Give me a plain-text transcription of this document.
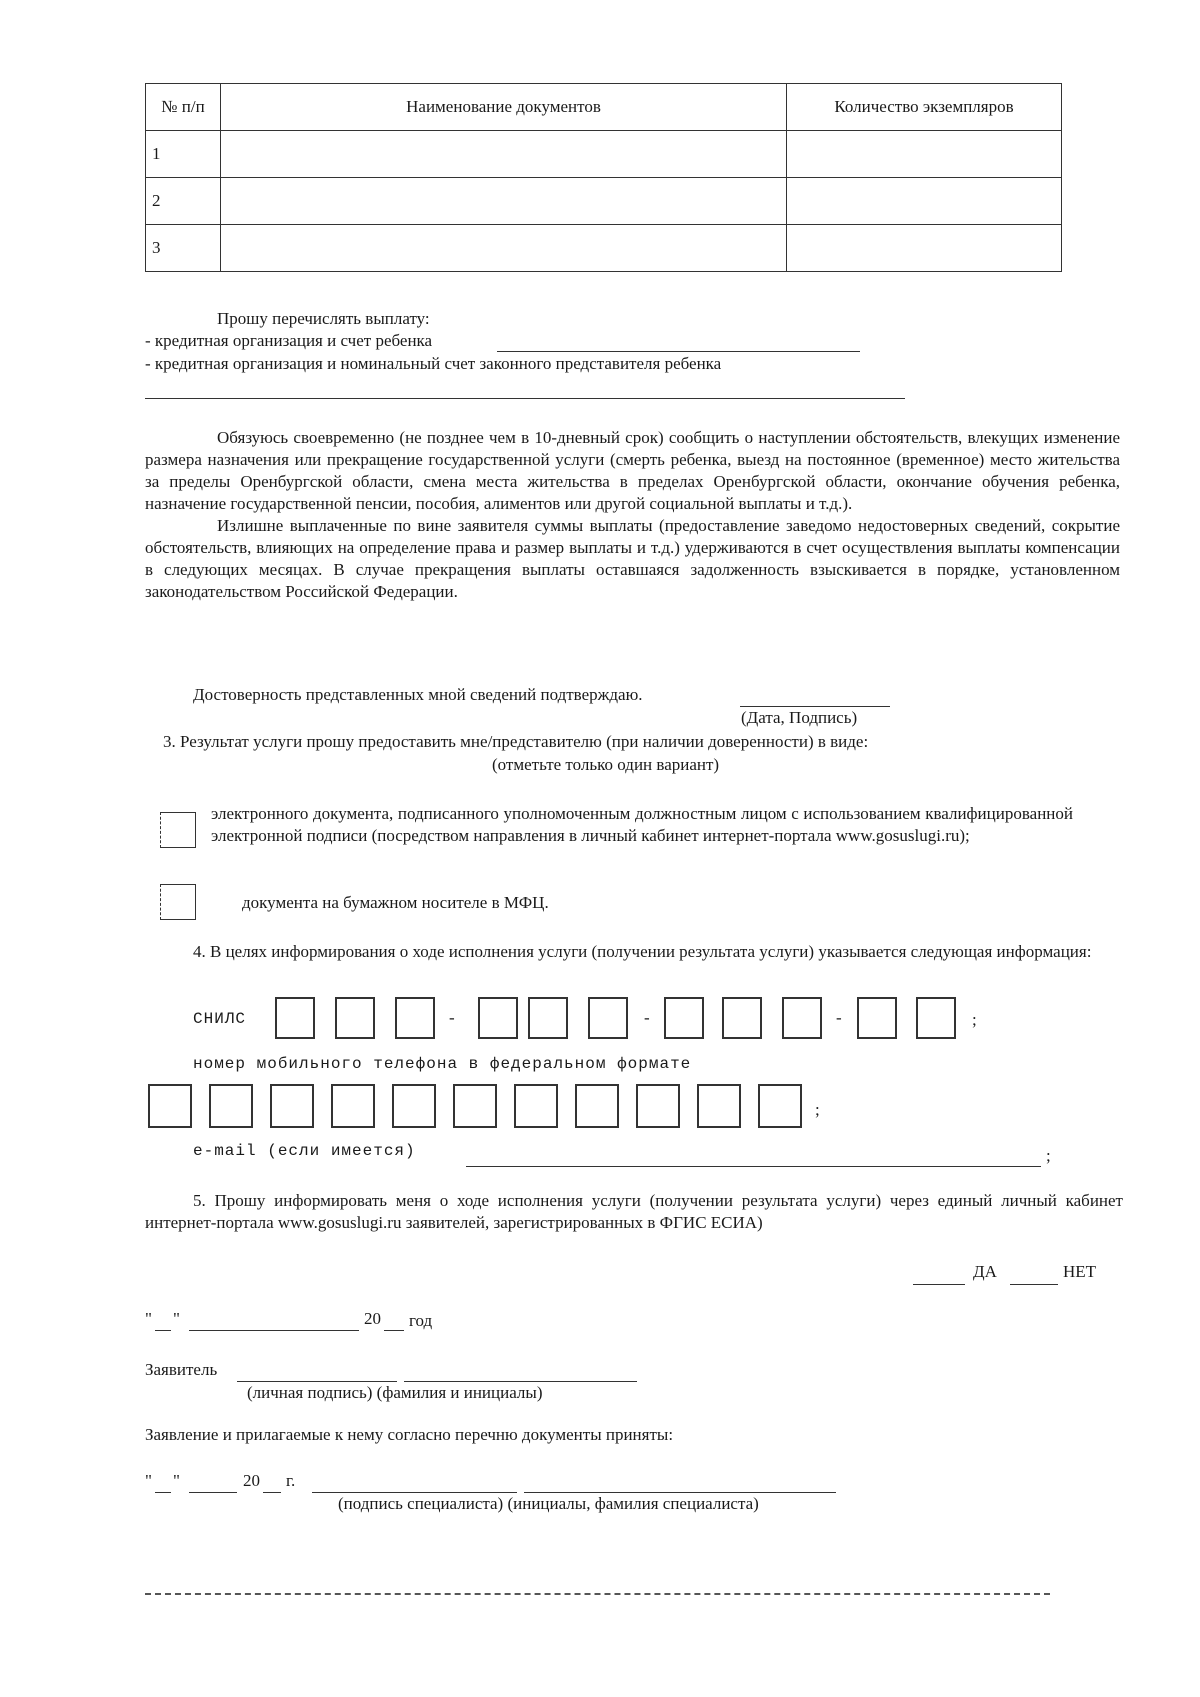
№ п/п	Наименование документов	Количество экземпляров
1		
2		
3		
Прошу перечислять выплату:
- кредитная организация и счет ребенка
- кредитная организация и номинальный счет законного представителя ребенка

Обязуюсь своевременно (не позднее чем в 10-дневный срок) сообщить о наступлении обстоятельств, влекущих изменение размера назначения или прекращение государственной услуги (смерть ребенка, выезд на постоянное (временное) место жительства за пределы Оренбургской области, смена места жительства в пределах Оренбургской области, окончание обучения ребенка, назначение государственной пенсии, пособия, алиментов или другой социальной выплаты и т.д.).

Излишне выплаченные по вине заявителя суммы выплаты (предоставление заведомо недостоверных сведений, сокрытие обстоятельств, влияющих на определение права и размер выплаты и т.д.) удерживаются в счет осуществления выплаты компенсации в следующих месяцах. В случае прекращения выплаты оставшаяся задолженность взыскивается в порядке, установленном законодательством Российской Федерации.

Достоверность представленных мной сведений подтверждаю.
(Дата, Подпись)
3. Результат услуги прошу предоставить мне/представителю (при наличии доверенности) в виде:
(отметьте только один вариант)
электронного документа, подписанного уполномоченным должностным лицом с использованием квалифицированной электронной подписи (посредством направления в личный кабинет интернет-портала www.gosuslugi.ru);
документа на бумажном носителе в МФЦ.

4. В целях информирования о ходе исполнения услуги (получении результата услуги) указывается следующая информация:

СНИЛС	-	-	-	;
номер мобильного телефона в федеральном формате
;
e-mail (если имеется)	;

5. Прошу информировать меня о ходе исполнения услуги (получении результата услуги) через единый личный кабинет интернет-портала www.gosuslugi.ru заявителей, зарегистрированных в ФГИС ЕСИА)

ДА	НЕТ
" "	20 год
Заявитель
(личная подпись) (фамилия и инициалы)
Заявление и прилагаемые к нему согласно перечню документы приняты:
" "	20 г.
(подпись специалиста) (инициалы, фамилия специалиста)
